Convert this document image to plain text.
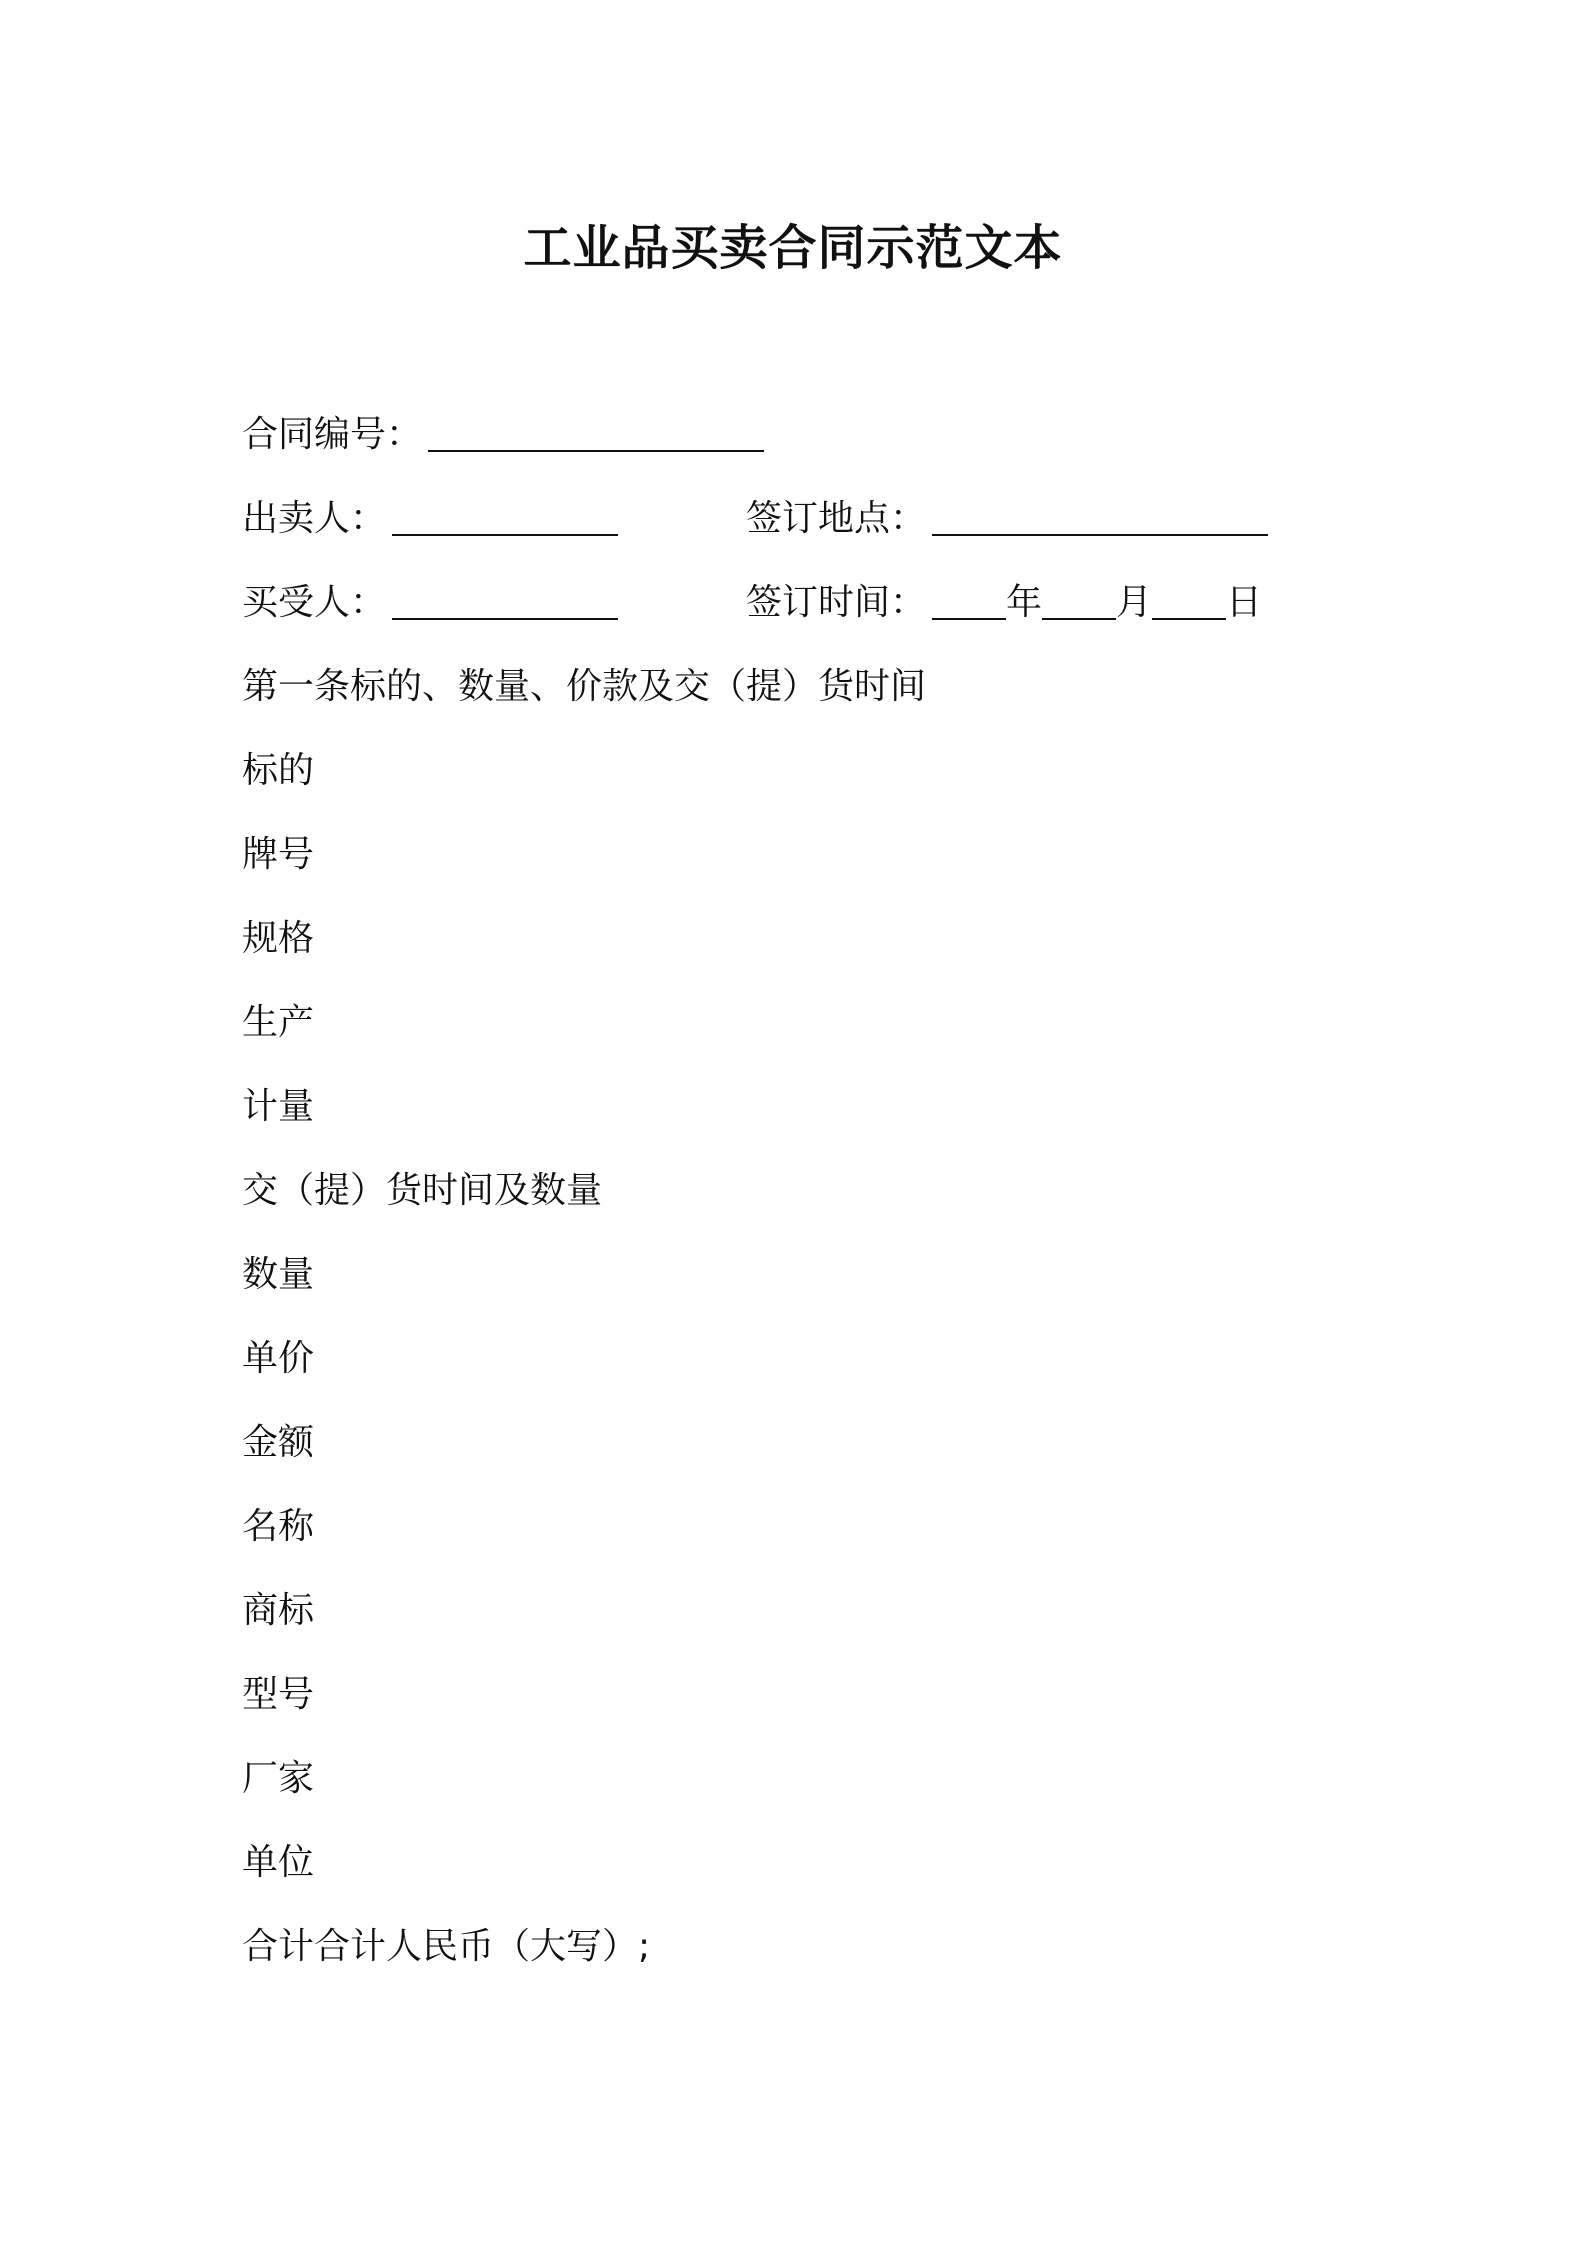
工业品买卖合同示范文本
合同编号：
出卖人：	签订地点：
买受人：	签订时间： 年 月 日
第一条标的、数量、价款及交（提）货时间
标的
牌号
规格
生产
计量
交（提）货时间及数量
数量
单价
金额
名称
商标
型号
厂家
单位
合计合计人民币（大写）;
